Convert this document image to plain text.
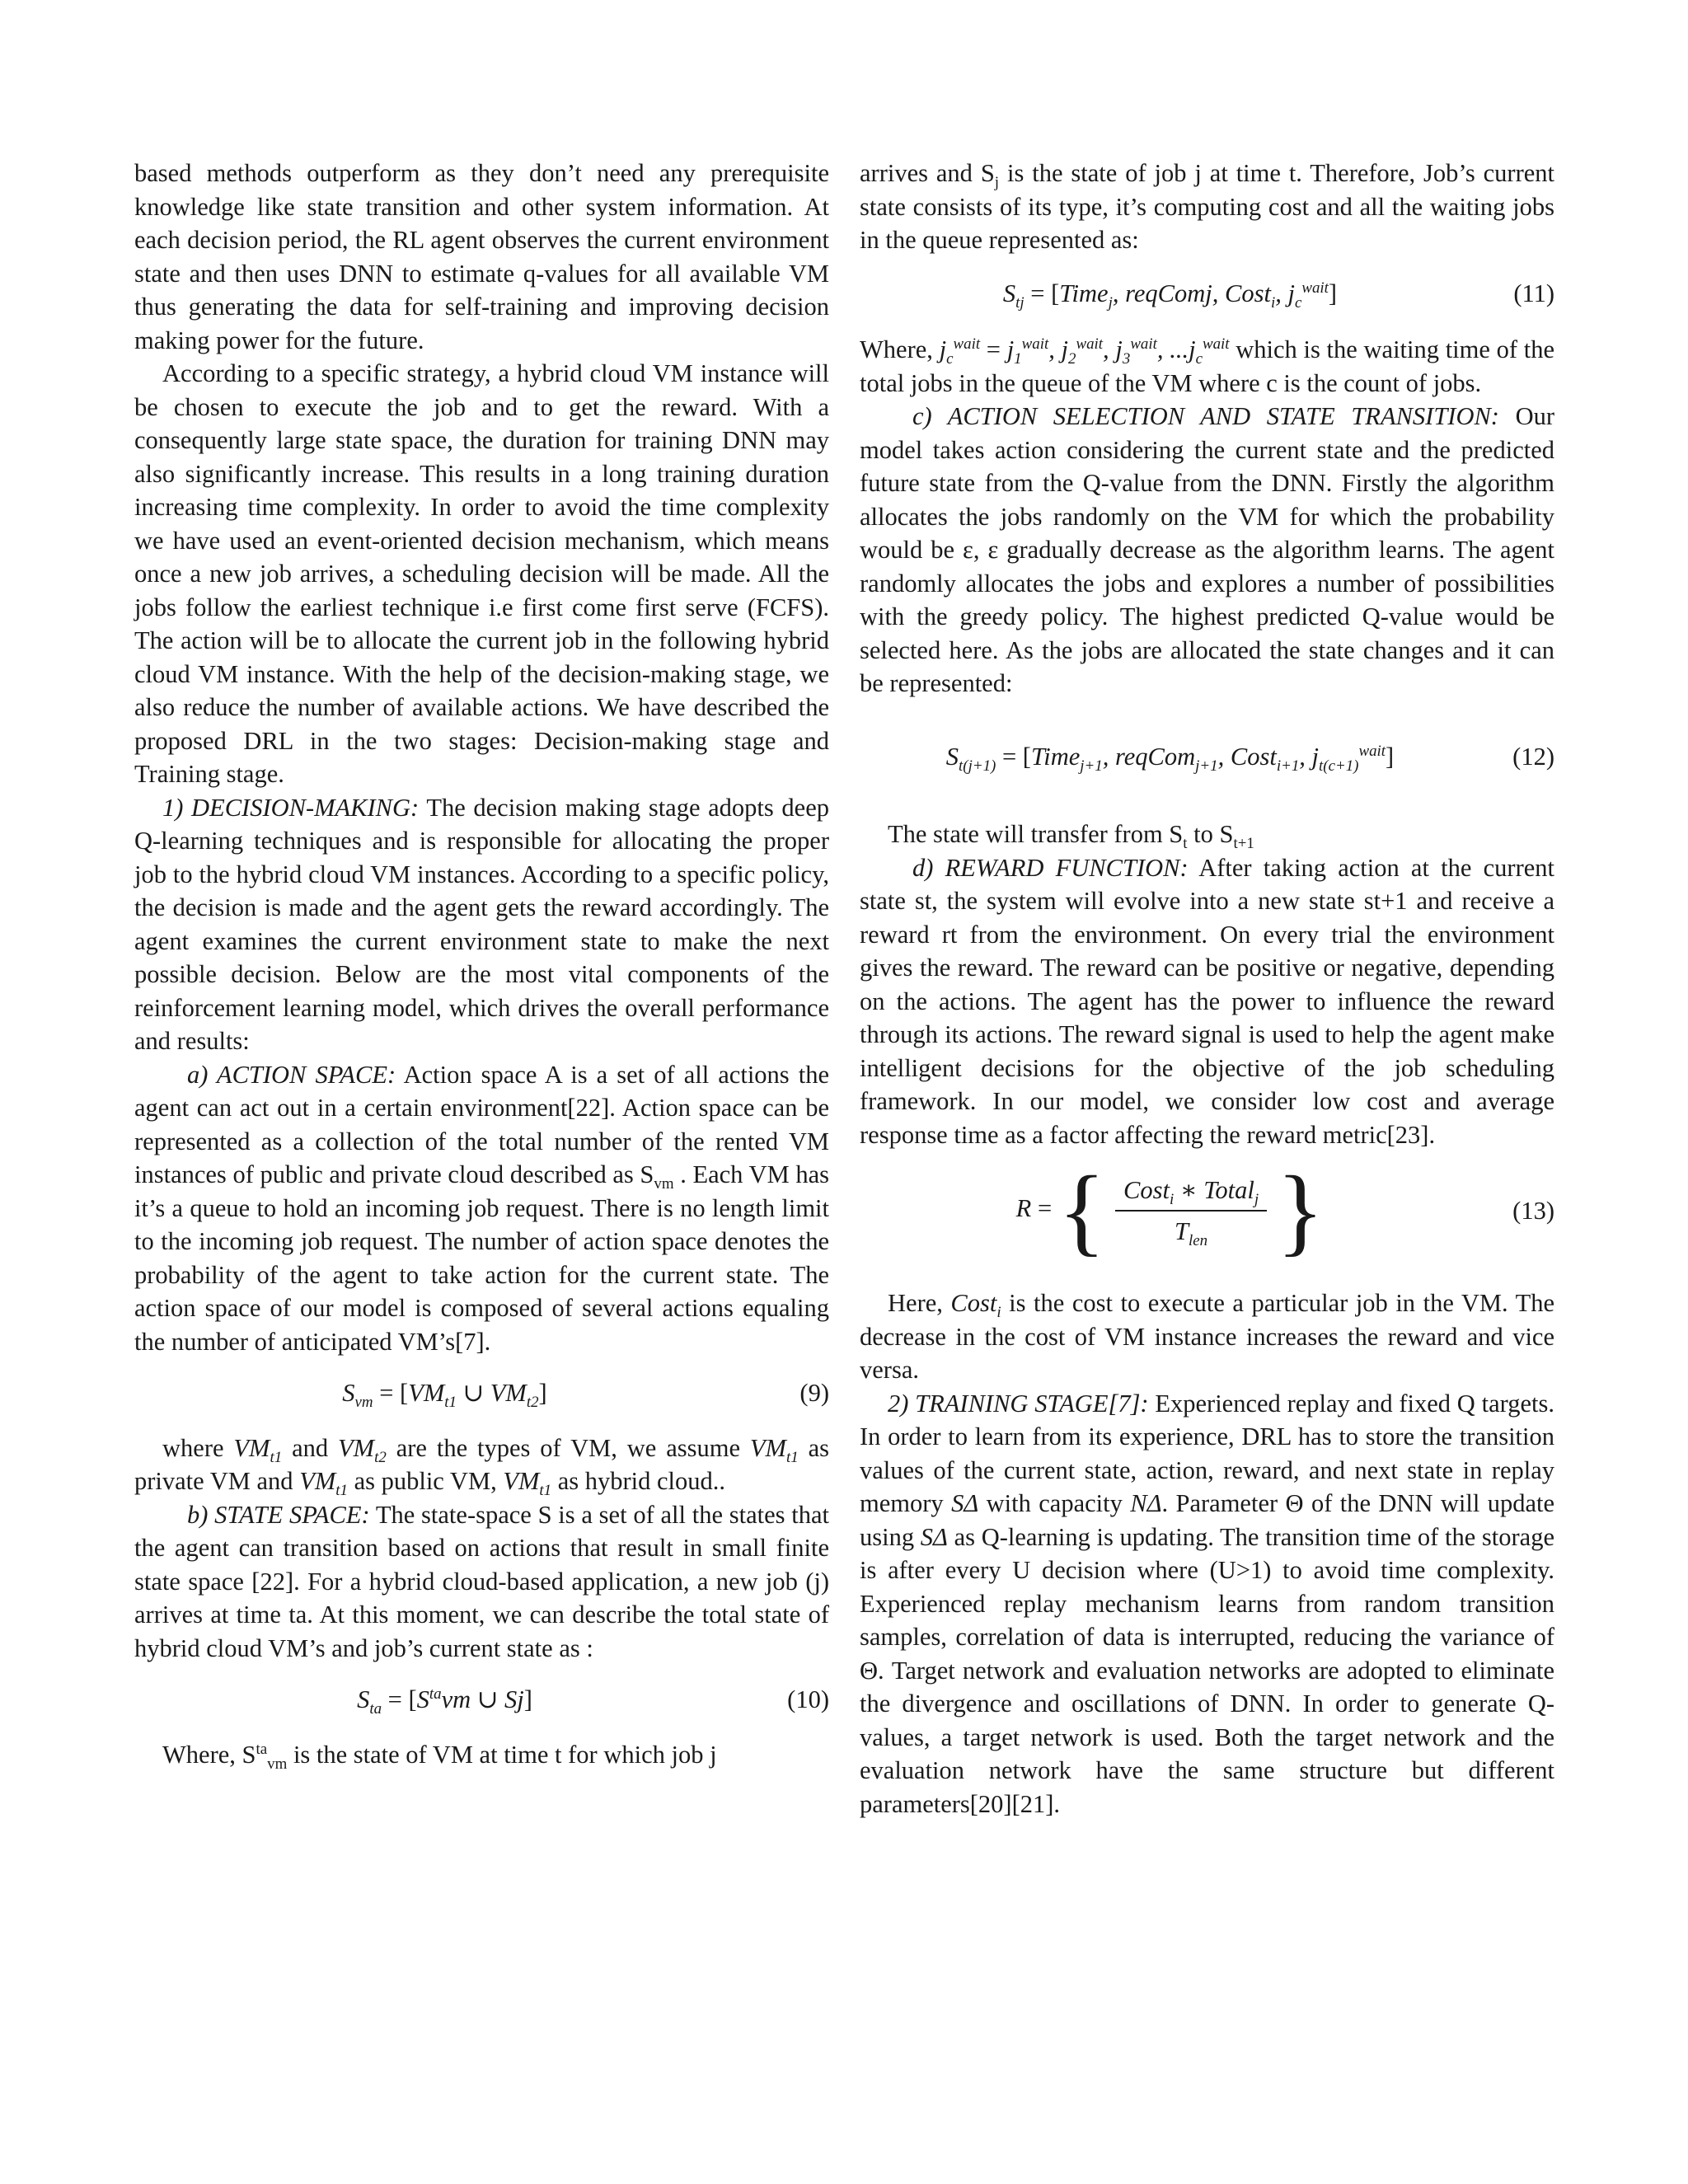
based methods outperform as they don’t need any prerequisite knowledge like state transition and other system information. At each decision period, the RL agent observes the current environment state and then uses DNN to estimate q-values for all available VM thus generating the data for self-training and improving decision making power for the future.

According to a specific strategy, a hybrid cloud VM instance will be chosen to execute the job and to get the reward. With a consequently large state space, the duration for training DNN may also significantly increase. This results in a long training duration increasing time complexity. In order to avoid the time complexity we have used an event-oriented decision mechanism, which means once a new job arrives, a scheduling decision will be made. All the jobs follow the earliest technique i.e first come first serve (FCFS). The action will be to allocate the current job in the following hybrid cloud VM instance. With the help of the decision-making stage, we also reduce the number of available actions. We have described the proposed DRL in the two stages: Decision-making stage and Training stage.

1) DECISION-MAKING: The decision making stage adopts deep Q-learning techniques and is responsible for allocating the proper job to the hybrid cloud VM instances. According to a specific policy, the decision is made and the agent gets the reward accordingly. The agent examines the current environment state to make the next possible decision. Below are the most vital components of the reinforcement learning model, which drives the overall performance and results:

a) ACTION SPACE: Action space A is a set of all actions the agent can act out in a certain environment[22]. Action space can be represented as a collection of the total number of the rented VM instances of public and private cloud described as $S_{vm}$ . Each VM has it’s a queue to hold an incoming job request. There is no length limit to the incoming job request. The number of action space denotes the probability of the agent to take action for the current state. The action space of our model is composed of several actions equaling the number of anticipated VM’s[7].

$S_{vm} = [VM_{t1}$ ∪ $VM_{t2}$]	(9)

where $VM_{t1}$ and $VM_{t2}$ are the types of VM, we assume $VM_{t1}$ as private VM and $VM_{t1}$ as public VM, $VM_{t1}$ as hybrid cloud..

b) STATE SPACE: The state-space S is a set of all the states that the agent can transition based on actions that result in small finite state space [22]. For a hybrid cloud-based application, a new job (j) arrives at time ta. At this moment, we can describe the total state of hybrid cloud VM’s and job’s current state as :

$S_{ta} = [S^{ta}vm$ ∪ Sj]	(10)

Where, $S^{ta}_{vm}$ is the state of VM at time t for which job j

arrives and $S_j$ is the state of job j at time t. Therefore, Job’s current state consists of its type, it’s computing cost and all the waiting jobs in the queue represented as:

$S_{tj}$ = [Time$_j$, reqComj, Cost$_i$, $j_c^{wait}$]	(11)

Where, $j_c^{wait} = j_1^{wait}$, $j_2^{wait}$, $j_3^{wait}$, $...j_c^{wait}$ which is the waiting time of the total jobs in the queue of the VM where c is the count of jobs.

c) ACTION SELECTION AND STATE TRANSITION: Our model takes action considering the current state and the predicted future state from the Q-value from the DNN. Firstly the algorithm allocates the jobs randomly on the VM for which the probability would be ε, ε gradually decrease as the algorithm learns. The agent randomly allocates the jobs and explores a number of possibilities with the greedy policy. The highest predicted Q-value would be selected here. As the jobs are allocated the state changes and it can be represented:

$S_{t(j+1)}$ = [Time$_{j+1}$, reqCom$_{j+1}$, Cost$_{i+1}$, $j_{t(c+1)}^{wait}$]	(12)

The state will transfer from $S_t$ to $S_{t+1}$

d) REWARD FUNCTION: After taking action at the current state st, the system will evolve into a new state st+1 and receive a reward rt from the environment. On every trial the environment gives the reward. The reward can be positive or negative, depending on the actions. The agent has the power to influence the reward through its actions. The reward signal is used to help the agent make intelligent decisions for the objective of the job scheduling framework. In our model, we consider low cost and average response time as a factor affecting the reward metric[23].

R = { $\frac{Cost_i ∗ Total_j}{T_{len}}$ }	(13)

Here, Cost$_i$ is the cost to execute a particular job in the VM. The decrease in the cost of VM instance increases the reward and vice versa.

2) TRAINING STAGE[7]: Experienced replay and fixed Q targets. In order to learn from its experience, DRL has to store the transition values of the current state, action, reward, and next state in replay memory SΔ with capacity NΔ. Parameter Θ of the DNN will update using SΔ as Q-learning is updating. The transition time of the storage is after every U decision where (U>1) to avoid time complexity. Experienced replay mechanism learns from random transition samples, correlation of data is interrupted, reducing the variance of Θ. Target network and evaluation networks are adopted to eliminate the divergence and oscillations of DNN. In order to generate Q-values, a target network is used. Both the target network and the evaluation network have the same structure but different parameters[20][21].
